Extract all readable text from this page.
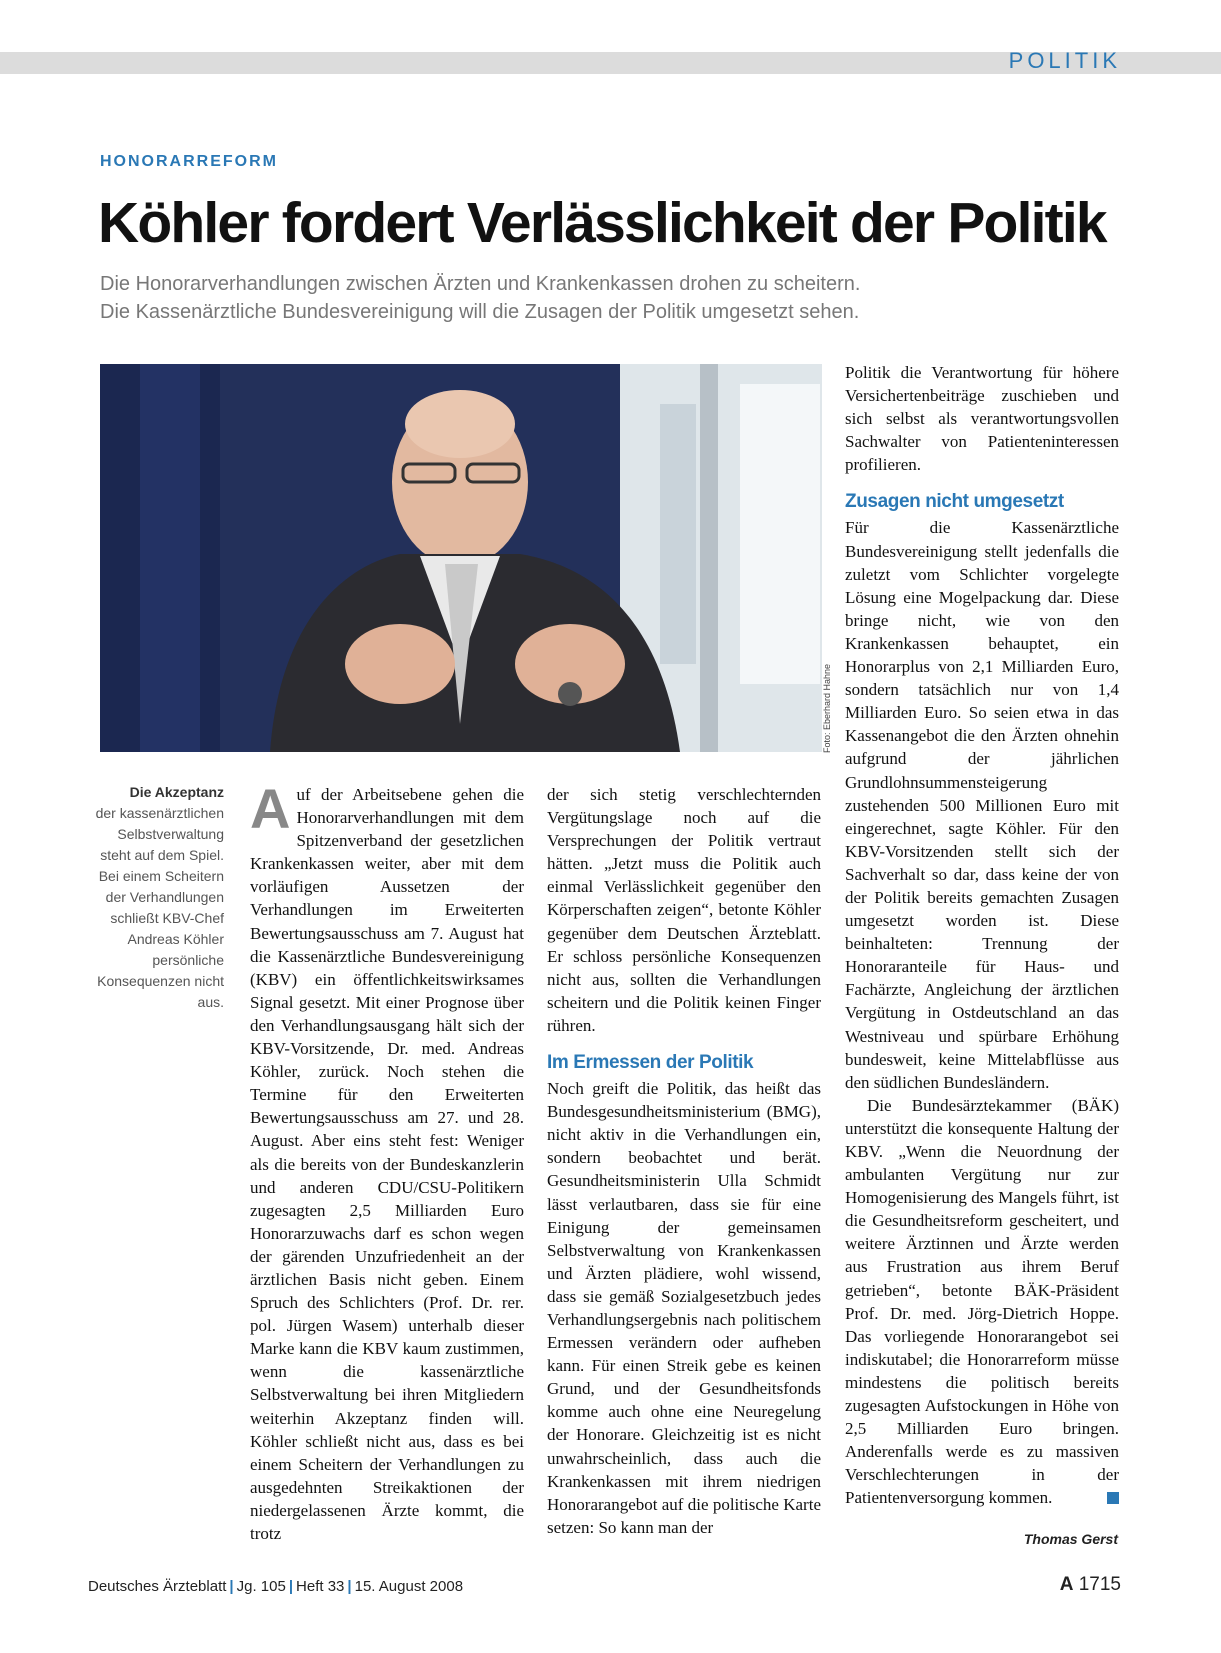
POLITIK
HONORARREFORM
Köhler fordert Verlässlichkeit der Politik
Die Honorarverhandlungen zwischen Ärzten und Krankenkassen drohen zu scheitern.
Die Kassenärztliche Bundesvereinigung will die Zusagen der Politik umgesetzt sehen.
Foto: Eberhard Hahne
Die Akzeptanz
der kassenärztlichen Selbstverwaltung steht auf dem Spiel. Bei einem Scheitern der Verhandlungen schließt KBV-Chef Andreas Köhler persönliche Konsequenzen nicht aus.

A uf der Arbeitsebene gehen die Honorarverhandlungen mit dem Spitzenverband der gesetzlichen Krankenkassen weiter, aber mit dem vorläufigen Aussetzen der Verhandlungen im Erweiterten Bewertungsausschuss am 7. August hat die Kassenärztliche Bundesvereinigung (KBV) ein öffentlichkeitswirksames Signal gesetzt. Mit einer Prognose über den Verhandlungsausgang hält sich der KBV-Vorsitzende, Dr. med. Andreas Köhler, zurück. Noch stehen die Termine für den Erweiterten Bewertungsausschuss am 27. und 28. August. Aber eins steht fest: Weniger als die bereits von der Bundeskanzlerin und anderen CDU/CSU-Politikern zugesagten 2,5 Milliarden Euro Honorarzuwachs darf es schon wegen der gärenden Unzufriedenheit an der ärztlichen Basis nicht geben. Einem Spruch des Schlichters (Prof. Dr. rer. pol. Jürgen Wasem) unterhalb dieser Marke kann die KBV kaum zustimmen, wenn die kassenärztliche Selbstverwaltung bei ihren Mitgliedern weiterhin Akzeptanz finden will. Köhler schließt nicht aus, dass es bei einem Scheitern der Verhandlungen zu ausgedehnten Streikaktionen der niedergelassenen Ärzte kommt, die trotz

der sich stetig verschlechternden Vergütungslage noch auf die Versprechungen der Politik vertraut hätten. „Jetzt muss die Politik auch einmal Verlässlichkeit gegenüber den Körperschaften zeigen“, betonte Köhler gegenüber dem Deutschen Ärzteblatt. Er schloss persönliche Konsequenzen nicht aus, sollten die Verhandlungen scheitern und die Politik keinen Finger rühren.

Im Ermessen der Politik

Noch greift die Politik, das heißt das Bundesgesundheitsministerium (BMG), nicht aktiv in die Verhandlungen ein, sondern beobachtet und berät. Gesundheitsministerin Ulla Schmidt lässt verlautbaren, dass sie für eine Einigung der gemeinsamen Selbstverwaltung von Krankenkassen und Ärzten plädiere, wohl wissend, dass sie gemäß Sozialgesetzbuch jedes Verhandlungsergebnis nach politischem Ermessen verändern oder aufheben kann. Für einen Streik gebe es keinen Grund, und der Gesundheitsfonds komme auch ohne eine Neuregelung der Honorare. Gleichzeitig ist es nicht unwahrscheinlich, dass auch die Krankenkassen mit ihrem niedrigen Honorarangebot auf die politische Karte setzen: So kann man der

Politik die Verantwortung für höhere Versichertenbeiträge zuschieben und sich selbst als verantwortungsvollen Sachwalter von Patienteninteressen profilieren.

Zusagen nicht umgesetzt

Für die Kassenärztliche Bundesvereinigung stellt jedenfalls die zuletzt vom Schlichter vorgelegte Lösung eine Mogelpackung dar. Diese bringe nicht, wie von den Krankenkassen behauptet, ein Honorarplus von 2,1 Milliarden Euro, sondern tatsächlich nur von 1,4 Milliarden Euro. So seien etwa in das Kassenangebot die den Ärzten ohnehin aufgrund der jährlichen Grundlohnsummensteigerung zustehenden 500 Millionen Euro mit eingerechnet, sagte Köhler. Für den KBV-Vorsitzenden stellt sich der Sachverhalt so dar, dass keine der von der Politik bereits gemachten Zusagen umgesetzt worden ist. Diese beinhalteten: Trennung der Honoraranteile für Haus- und Fachärzte, Angleichung der ärztlichen Vergütung in Ostdeutschland an das Westniveau und spürbare Erhöhung bundesweit, keine Mittelabflüsse aus den südlichen Bundesländern.

Die Bundesärztekammer (BÄK) unterstützt die konsequente Haltung der KBV. „Wenn die Neuordnung der ambulanten Vergütung nur zur Homogenisierung des Mangels führt, ist die Gesundheitsreform gescheitert, und weitere Ärztinnen und Ärzte werden aus Frustration aus ihrem Beruf getrieben“, betonte BÄK-Präsident Prof. Dr. med. Jörg-Dietrich Hoppe. Das vorliegende Honorarangebot sei indiskutabel; die Honorarreform müsse mindestens die politisch bereits zugesagten Aufstockungen in Höhe von 2,5 Milliarden Euro bringen. Anderenfalls werde es zu massiven Verschlechterungen in der Patientenversorgung kommen.

Thomas Gerst
Deutsches Ärzteblatt | Jg. 105 | Heft 33 | 15. August 2008	A 1715
